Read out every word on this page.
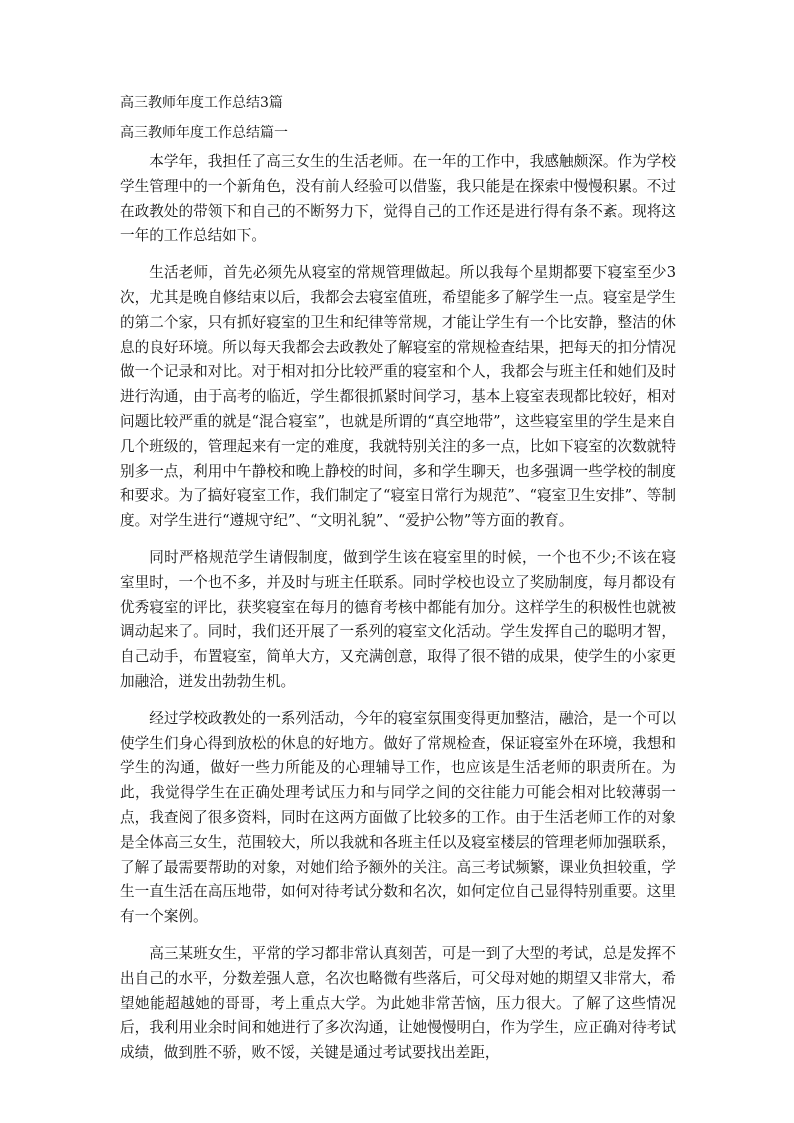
高三教师年度工作总结3篇
高三教师年度工作总结篇一

本学年，我担任了高三女生的生活老师。在一年的工作中，我感触颇深。作为学校学生管理中的一个新角色，没有前人经验可以借鉴，我只能是在探索中慢慢积累。不过在政教处的带领下和自己的不断努力下，觉得自己的工作还是进行得有条不紊。现将这一年的工作总结如下。

生活老师，首先必须先从寝室的常规管理做起。所以我每个星期都要下寝室至少3次，尤其是晚自修结束以后，我都会去寝室值班，希望能多了解学生一点。寝室是学生的第二个家，只有抓好寝室的卫生和纪律等常规，才能让学生有一个比安静，整洁的休息的良好环境。所以每天我都会去政教处了解寝室的常规检查结果，把每天的扣分情况做一个记录和对比。对于相对扣分比较严重的寝室和个人，我都会与班主任和她们及时进行沟通，由于高考的临近，学生都很抓紧时间学习，基本上寝室表现都比较好，相对问题比较严重的就是“混合寝室”，也就是所谓的“真空地带”，这些寝室里的学生是来自几个班级的，管理起来有一定的难度，我就特别关注的多一点，比如下寝室的次数就特别多一点，利用中午静校和晚上静校的时间，多和学生聊天，也多强调一些学校的制度和要求。为了搞好寝室工作，我们制定了“寝室日常行为规范”、“寝室卫生安排”、等制度。对学生进行“遵规守纪”、“文明礼貌”、“爱护公物”等方面的教育。

同时严格规范学生请假制度，做到学生该在寝室里的时候，一个也不少;不该在寝室里时，一个也不多，并及时与班主任联系。同时学校也设立了奖励制度，每月都设有优秀寝室的评比，获奖寝室在每月的德育考核中都能有加分。这样学生的积极性也就被调动起来了。同时，我们还开展了一系列的寝室文化活动。学生发挥自己的聪明才智，自己动手，布置寝室，简单大方，又充满创意，取得了很不错的成果，使学生的小家更加融洽，迸发出勃勃生机。

经过学校政教处的一系列活动，今年的寝室氛围变得更加整洁，融洽，是一个可以使学生们身心得到放松的休息的好地方。做好了常规检查，保证寝室外在环境，我想和学生的沟通，做好一些力所能及的心理辅导工作，也应该是生活老师的职责所在。为此，我觉得学生在正确处理考试压力和与同学之间的交往能力可能会相对比较薄弱一点，我查阅了很多资料，同时在这两方面做了比较多的工作。由于生活老师工作的对象是全体高三女生，范围较大，所以我就和各班主任以及寝室楼层的管理老师加强联系，了解了最需要帮助的对象，对她们给予额外的关注。高三考试频繁，课业负担较重，学生一直生活在高压地带，如何对待考试分数和名次，如何定位自己显得特别重要。这里有一个案例。

高三某班女生，平常的学习都非常认真刻苦，可是一到了大型的考试，总是发挥不出自己的水平，分数差强人意，名次也略微有些落后，可父母对她的期望又非常大，希望她能超越她的哥哥，考上重点大学。为此她非常苦恼，压力很大。了解了这些情况后，我利用业余时间和她进行了多次沟通，让她慢慢明白，作为学生，应正确对待考试成绩，做到胜不骄，败不馁，关键是通过考试要找出差距，
